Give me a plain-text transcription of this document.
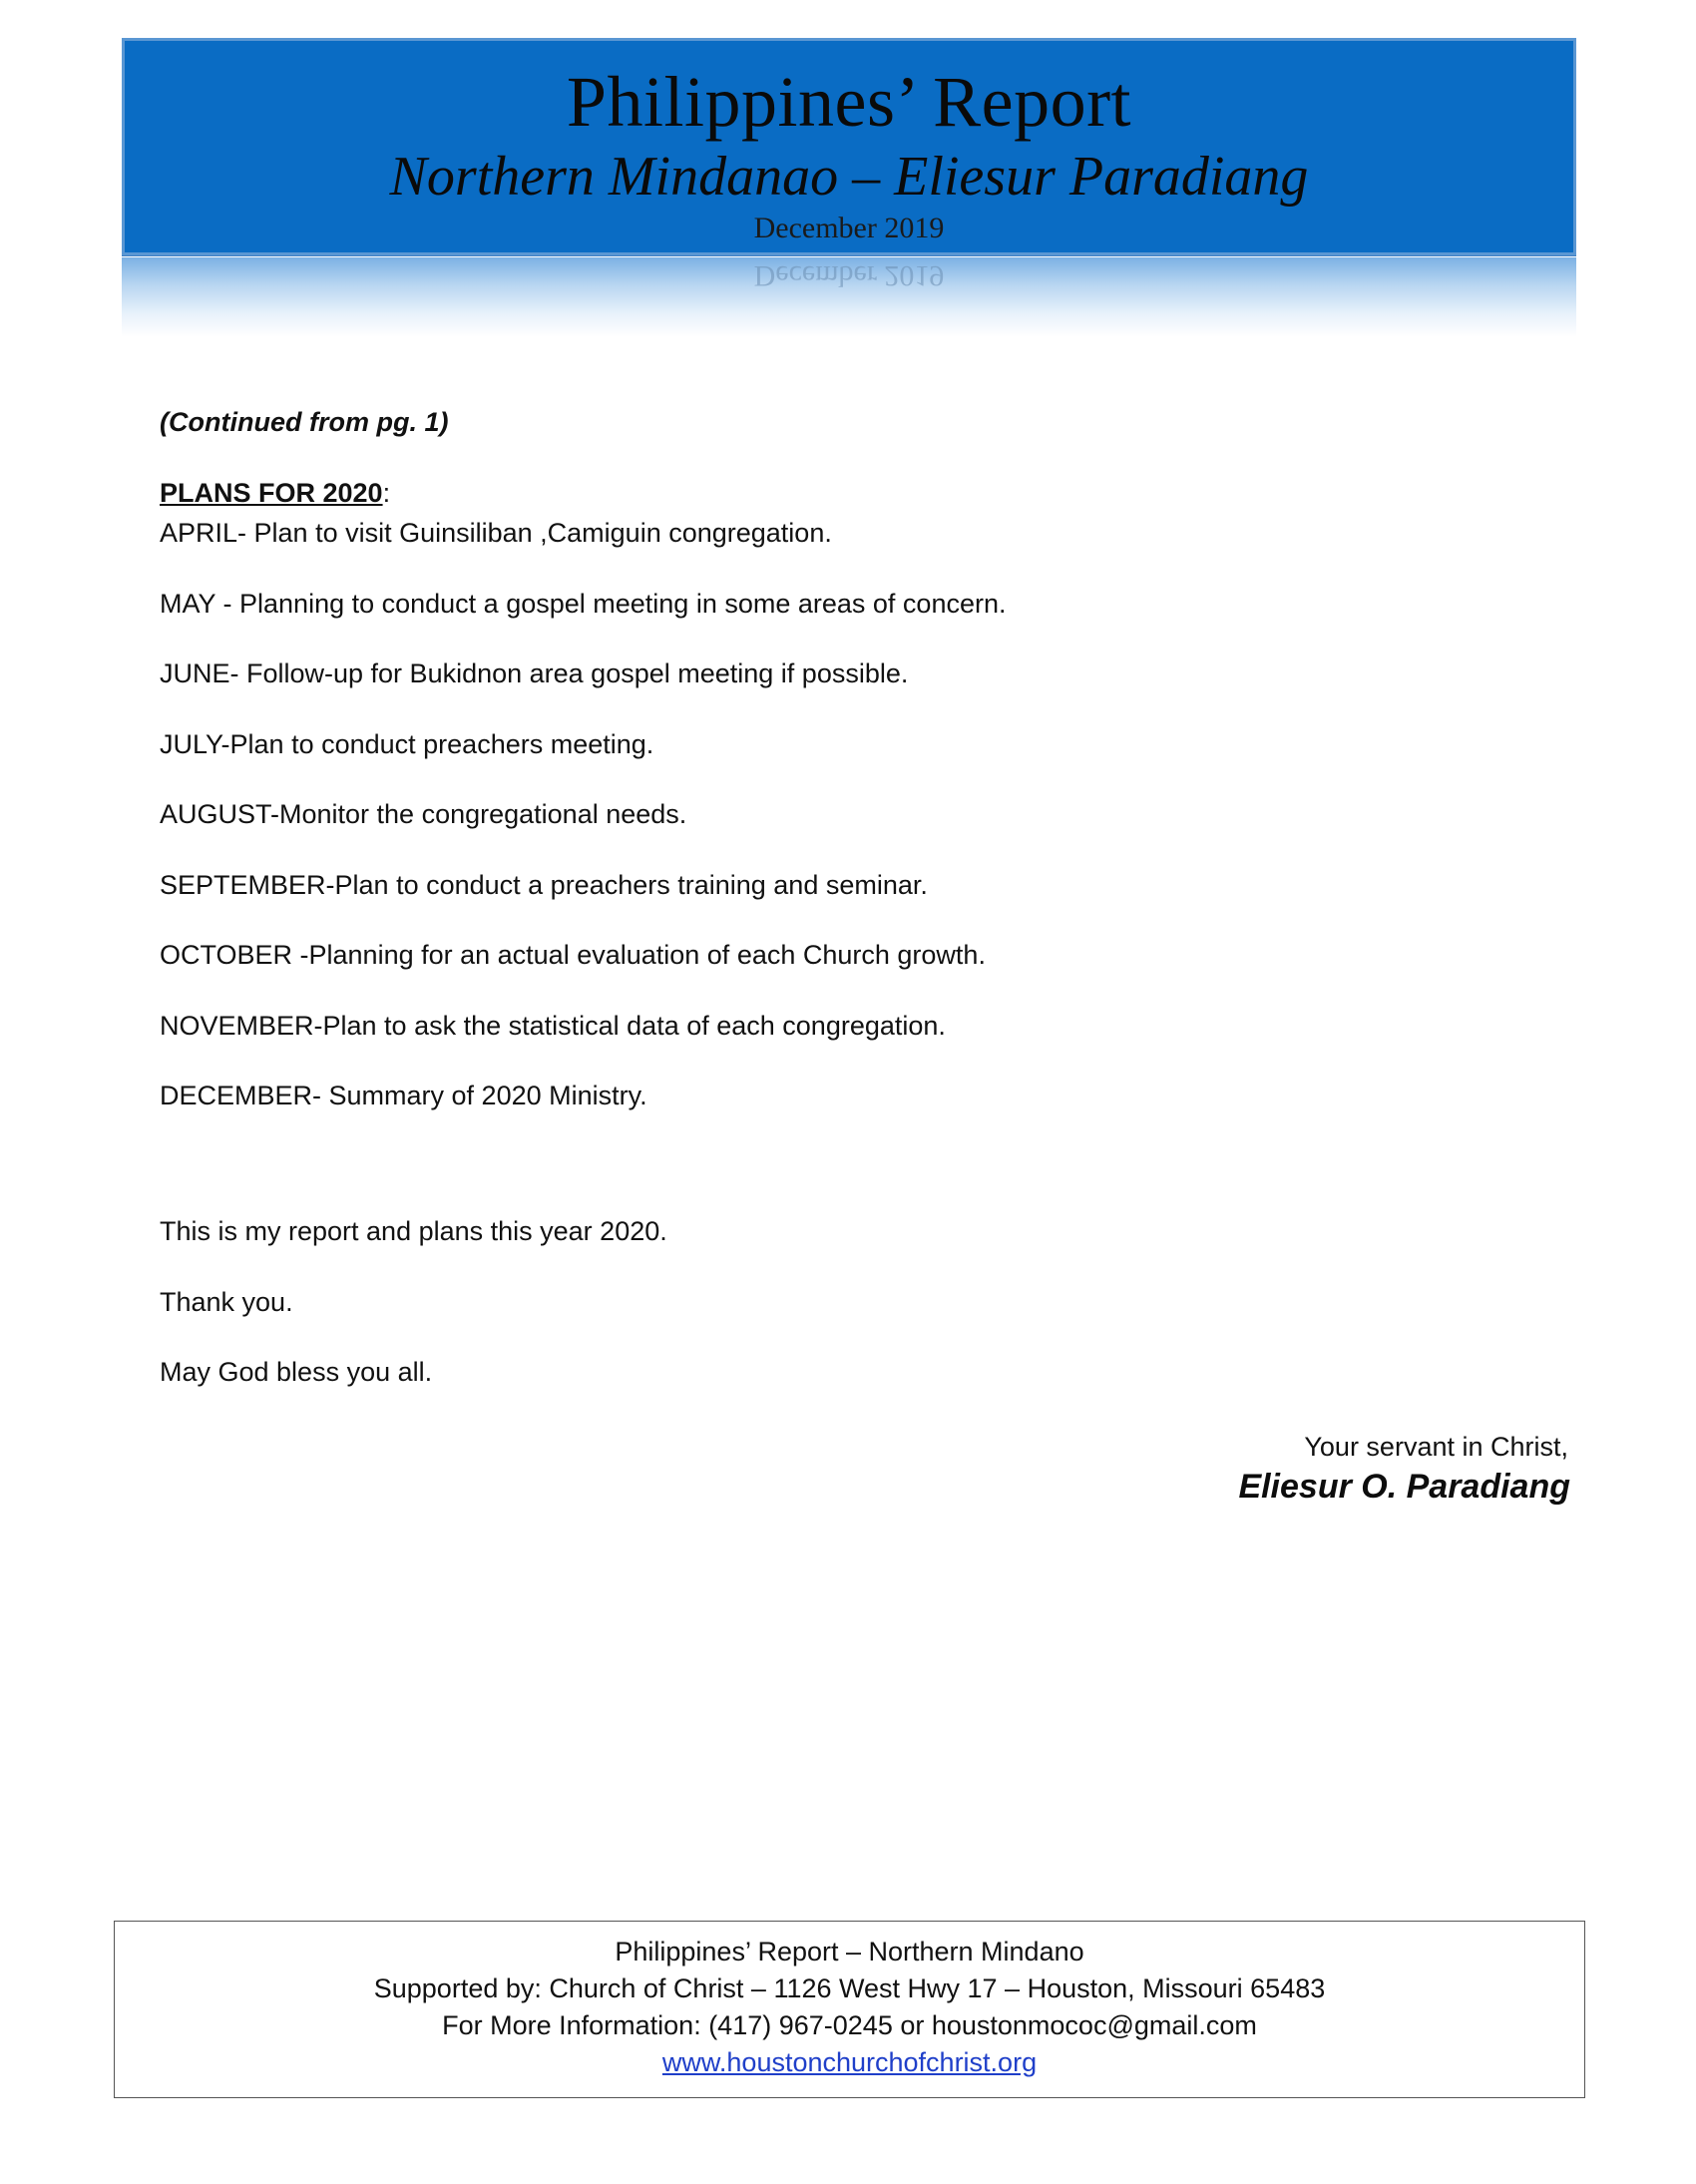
Philippines’ Report
Northern Mindanao – Eliesur Paradiang
December 2019
December 2019
(Continued from pg. 1)
PLANS FOR 2020:
APRIL- Plan to visit Guinsiliban ,Camiguin congregation.
MAY - Planning to conduct a gospel meeting in some areas of concern.
JUNE- Follow-up for Bukidnon area gospel meeting if possible.
JULY-Plan to conduct preachers meeting.
AUGUST-Monitor the congregational needs.
SEPTEMBER-Plan to conduct a preachers training and seminar.
OCTOBER -Planning for an actual evaluation of each Church growth.
NOVEMBER-Plan to ask the statistical data of each congregation.
DECEMBER- Summary of 2020 Ministry.
This is my report and plans this year 2020.
Thank you.
May God bless you all.
Your servant in Christ,
Eliesur O. Paradiang
Philippines’ Report – Northern Mindano
Supported by: Church of Christ – 1126 West Hwy 17 – Houston, Missouri 65483
For More Information: (417) 967-0245 or houstonmococ@gmail.com
www.houstonchurchofchrist.org
